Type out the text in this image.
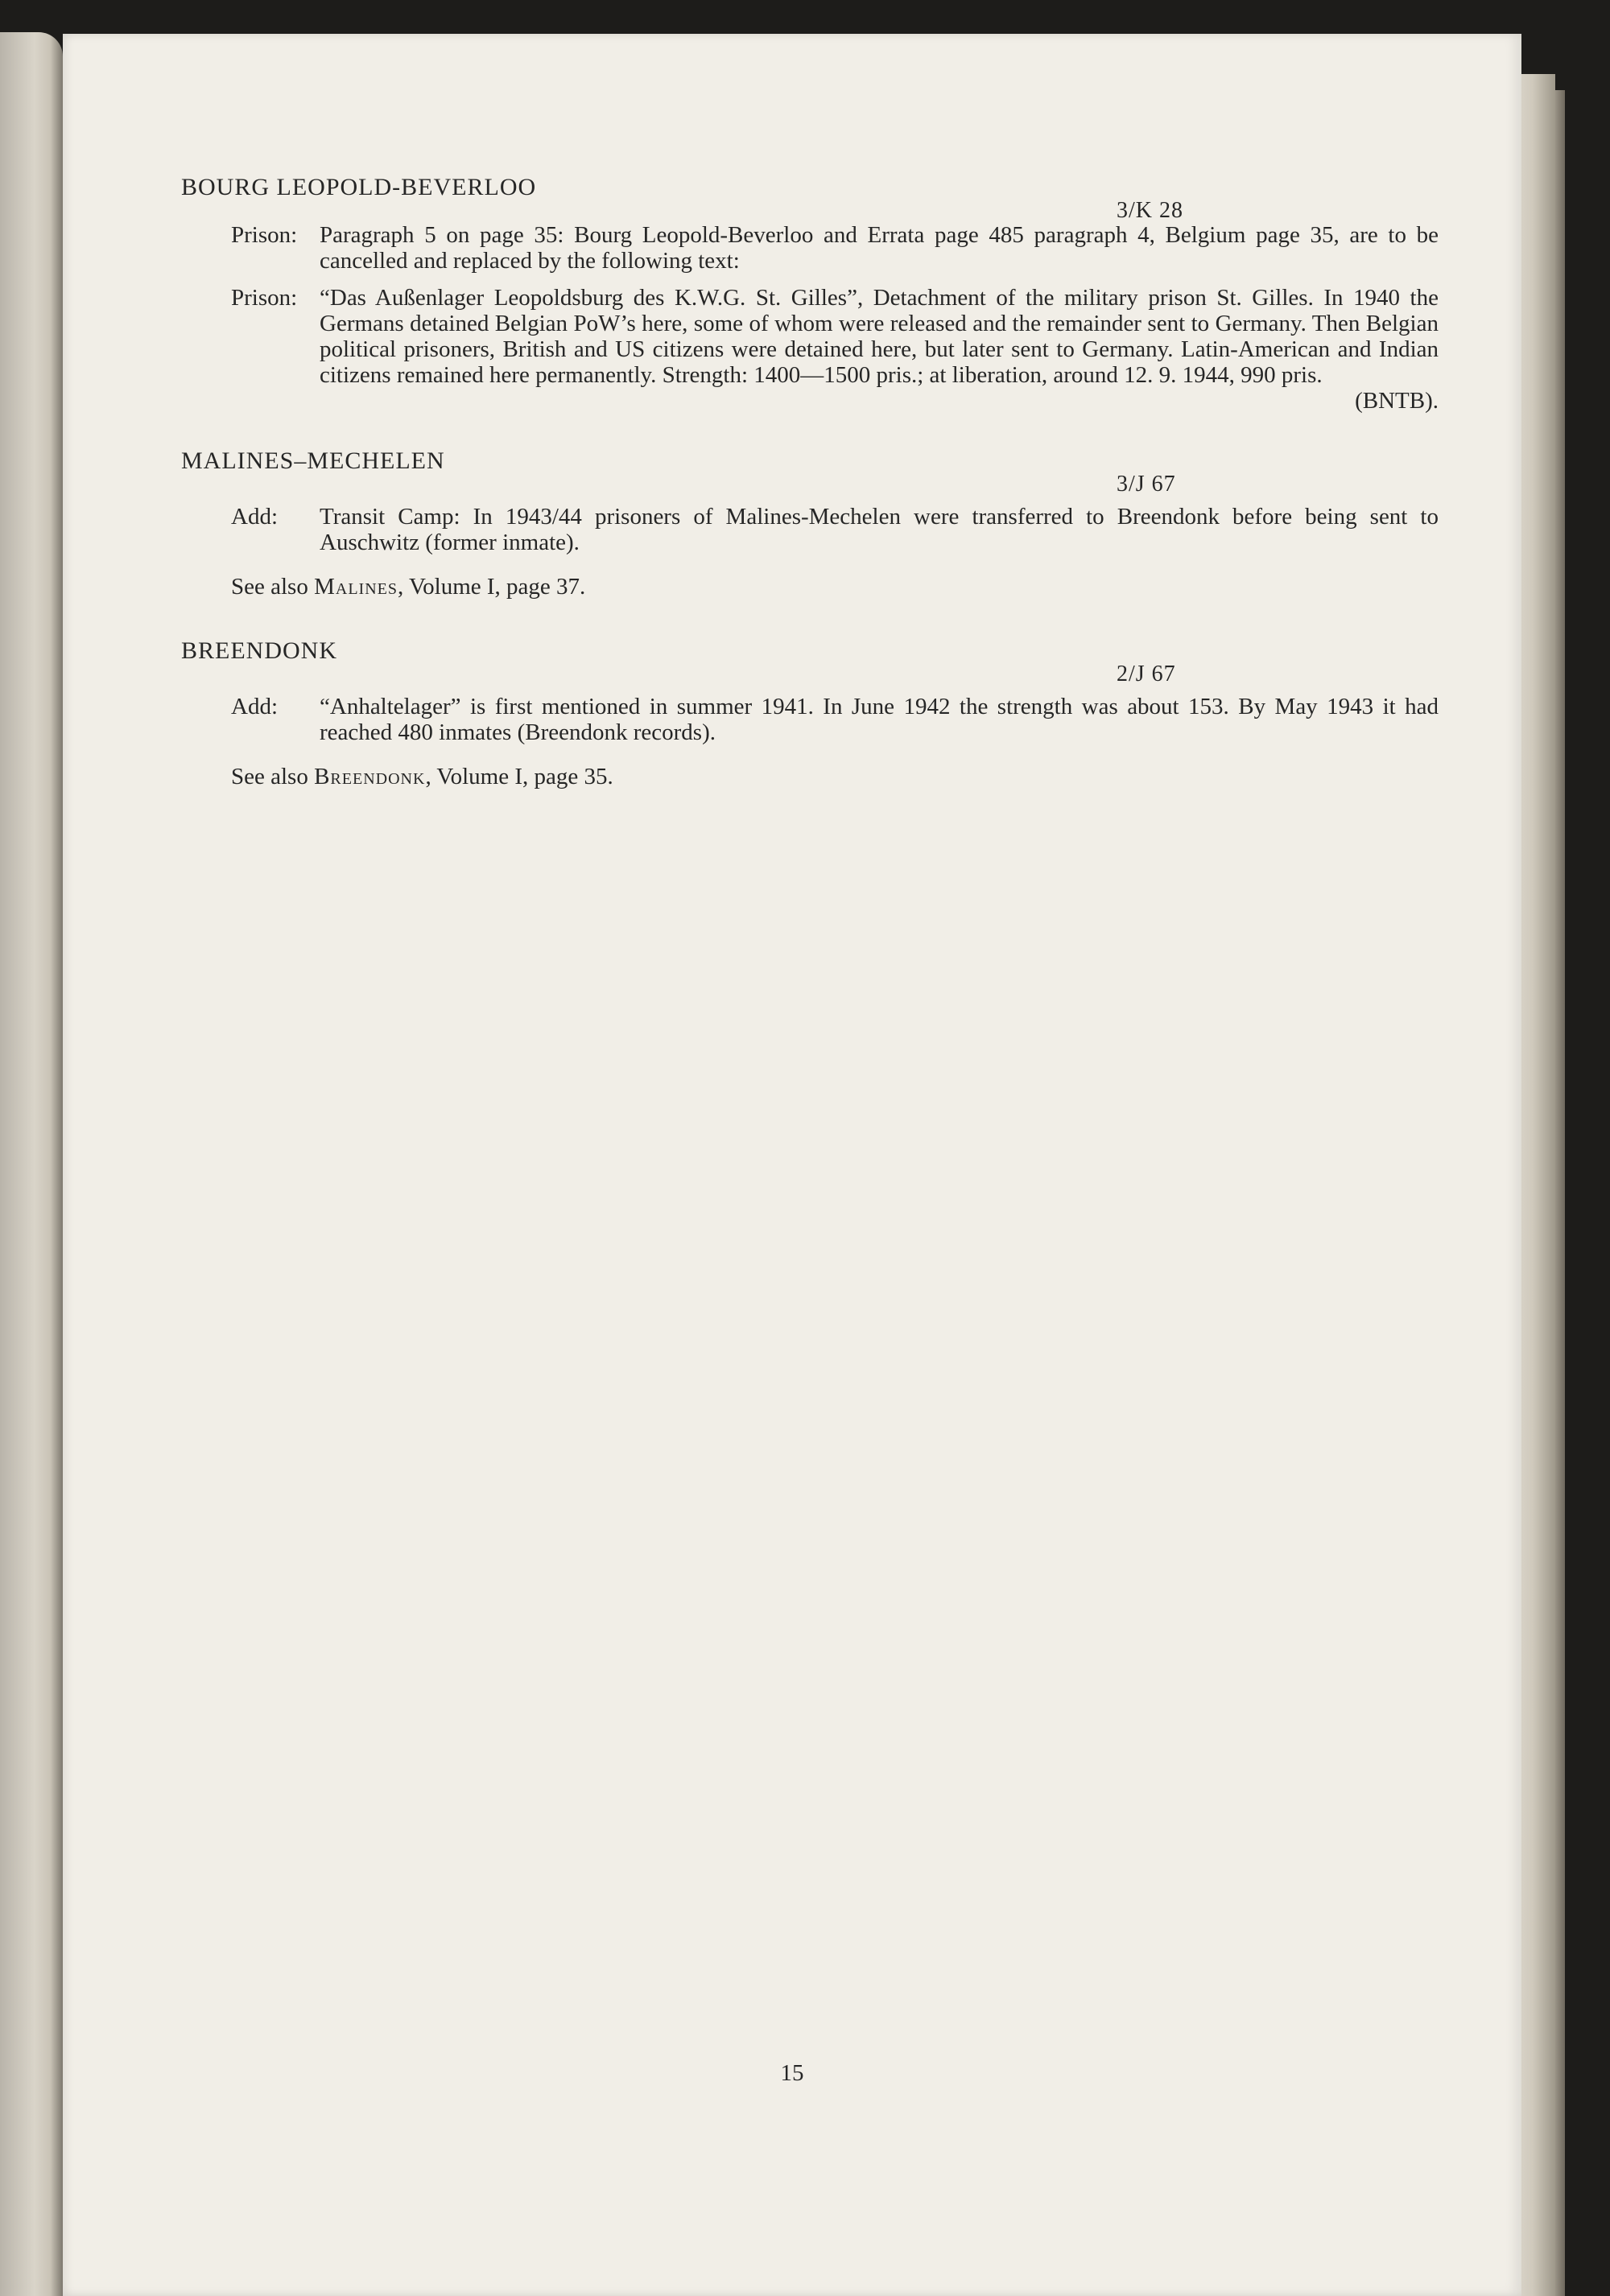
BOURG LEOPOLD-BEVERLOO
3/K 28
Prison: Paragraph 5 on page 35: Bourg Leopold-Beverloo and Errata page 485 paragraph 4, Belgium page 35, are to be cancelled and replaced by the following text:
Prison: “Das Außenlager Leopoldsburg des K.W.G. St. Gilles”, Detachment of the military prison St. Gilles. In 1940 the Germans detained Belgian PoW’s here, some of whom were released and the remainder sent to Germany. Then Belgian political prisoners, British and US citizens were detained here, but later sent to Germany. Latin-American and Indian citizens remained here permanently. Strength: 1400—1500 pris.; at liberation, around 12. 9. 1944, 990 pris.
(BNTB).
MALINES–MECHELEN
3/J 67
Add: Transit Camp: In 1943/44 prisoners of Malines-Mechelen were transferred to Breendonk before being sent to Auschwitz (former inmate).
See also Malines, Volume I, page 37.
BREENDONK
2/J 67
Add: “Anhaltelager” is first mentioned in summer 1941. In June 1942 the strength was about 153. By May 1943 it had reached 480 inmates (Breendonk records).
See also Breendonk, Volume I, page 35.
15
